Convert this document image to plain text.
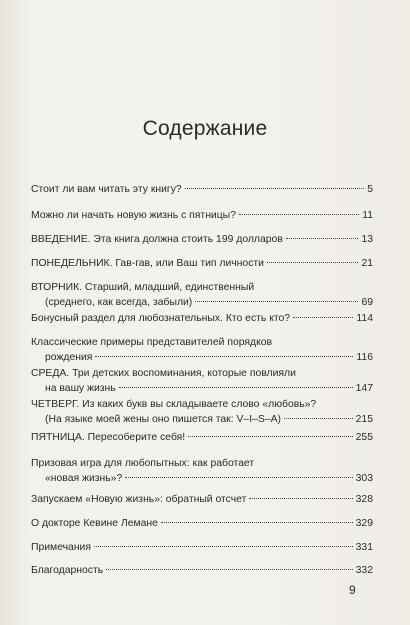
Содержание
Стоит ли вам читать эту книгу?	5
Можно ли начать новую жизнь с пятницы?	11
ВВЕДЕНИЕ. Эта книга должна стоить 199 долларов	13
ПОНЕДЕЛЬНИК. Гав-гав, или Ваш тип личности	21
ВТОРНИК. Старший, младший, единственный
(среднего, как всегда, забыли)	69
Бонусный раздел для любознательных. Кто есть кто?	114
Классические примеры представителей порядков
рождения	116
СРЕДА. Три детских воспоминания, которые повлияли
на вашу жизнь	147
ЧЕТВЕРГ. Из каких букв вы складываете слово «любовь»?
(На языке моей жены оно пишется так: V–I–S–A)	215
ПЯТНИЦА. Пересоберите себя!	255
Призовая игра для любопытных: как работает
«новая жизнь»?	303
Запускаем «Новую жизнь»: обратный отсчет	328
О докторе Кевине Лемане	329
Примечания	331
Благодарность	332
9
